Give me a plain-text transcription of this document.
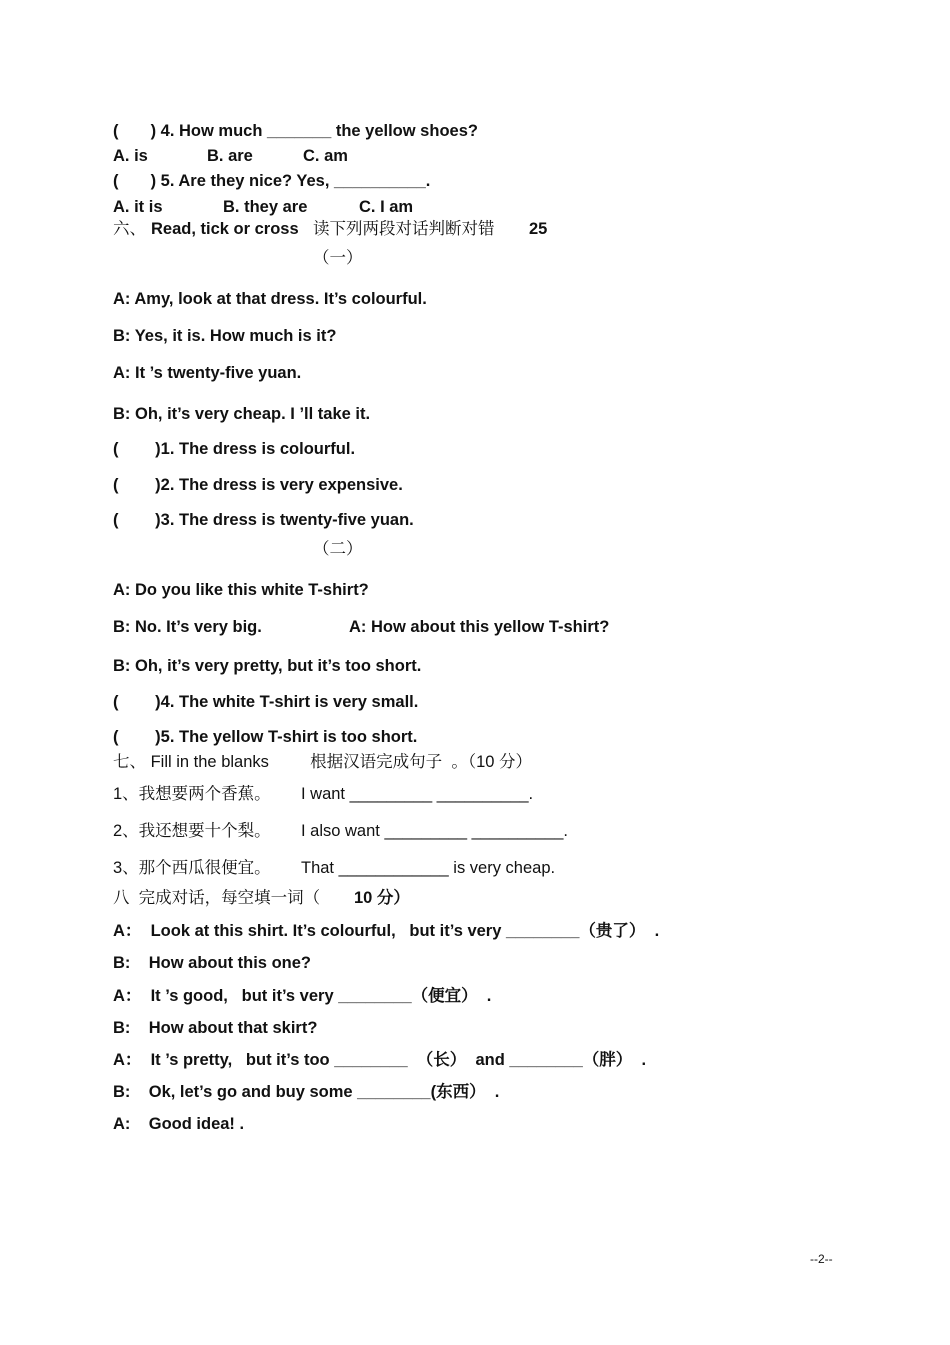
(       ) 4. How much _______ the yellow shoes?
A. is	B. are	C. am
(       ) 5. Are they nice? Yes, __________.
A. it is	B. they are	C. I am
六、 Read, tick or cross 读下列两段对话判断对错 25
（一）
A: Amy, look at that dress. It’s colourful.
B: Yes, it is. How much is it?
A: It ’s twenty-five yuan.
B: Oh, it’s very cheap. I ’ll take it.
(        )1. The dress is colourful.
(        )2. The dress is very expensive.
(        )3. The dress is twenty-five yuan.
（二）
A: Do you like this white T-shirt?
B: No. It’s very big.	A: How about this yellow T-shirt?
B: Oh, it’s very pretty, but it’s too short.
(        )4. The white T-shirt is very small.
(        )5. The yellow T-shirt is too short.
七、 Fill in the blanks         根据汉语完成句子  。（10 分）
1、我想要两个香蕉。 I want _________ __________.
2、我还想要十个梨。 I also want _________ __________.
3、那个西瓜很便宜。 That ____________ is very cheap.
八  完成对话，每空填一词（ 10 分）
A：  Look at this shirt. It’s colourful,   but it’s very ________（贵了）  .
B:    How about this one?
A：  It ’s good,   but it’s very ________（便宜）  .
B:    How about that skirt?
A：  It ’s pretty,   but it’s too ________  （长）  and ________（胖）  .
B:    Ok, let’s go and buy some ________(东西）  .
A:    Good idea! .
--2--
